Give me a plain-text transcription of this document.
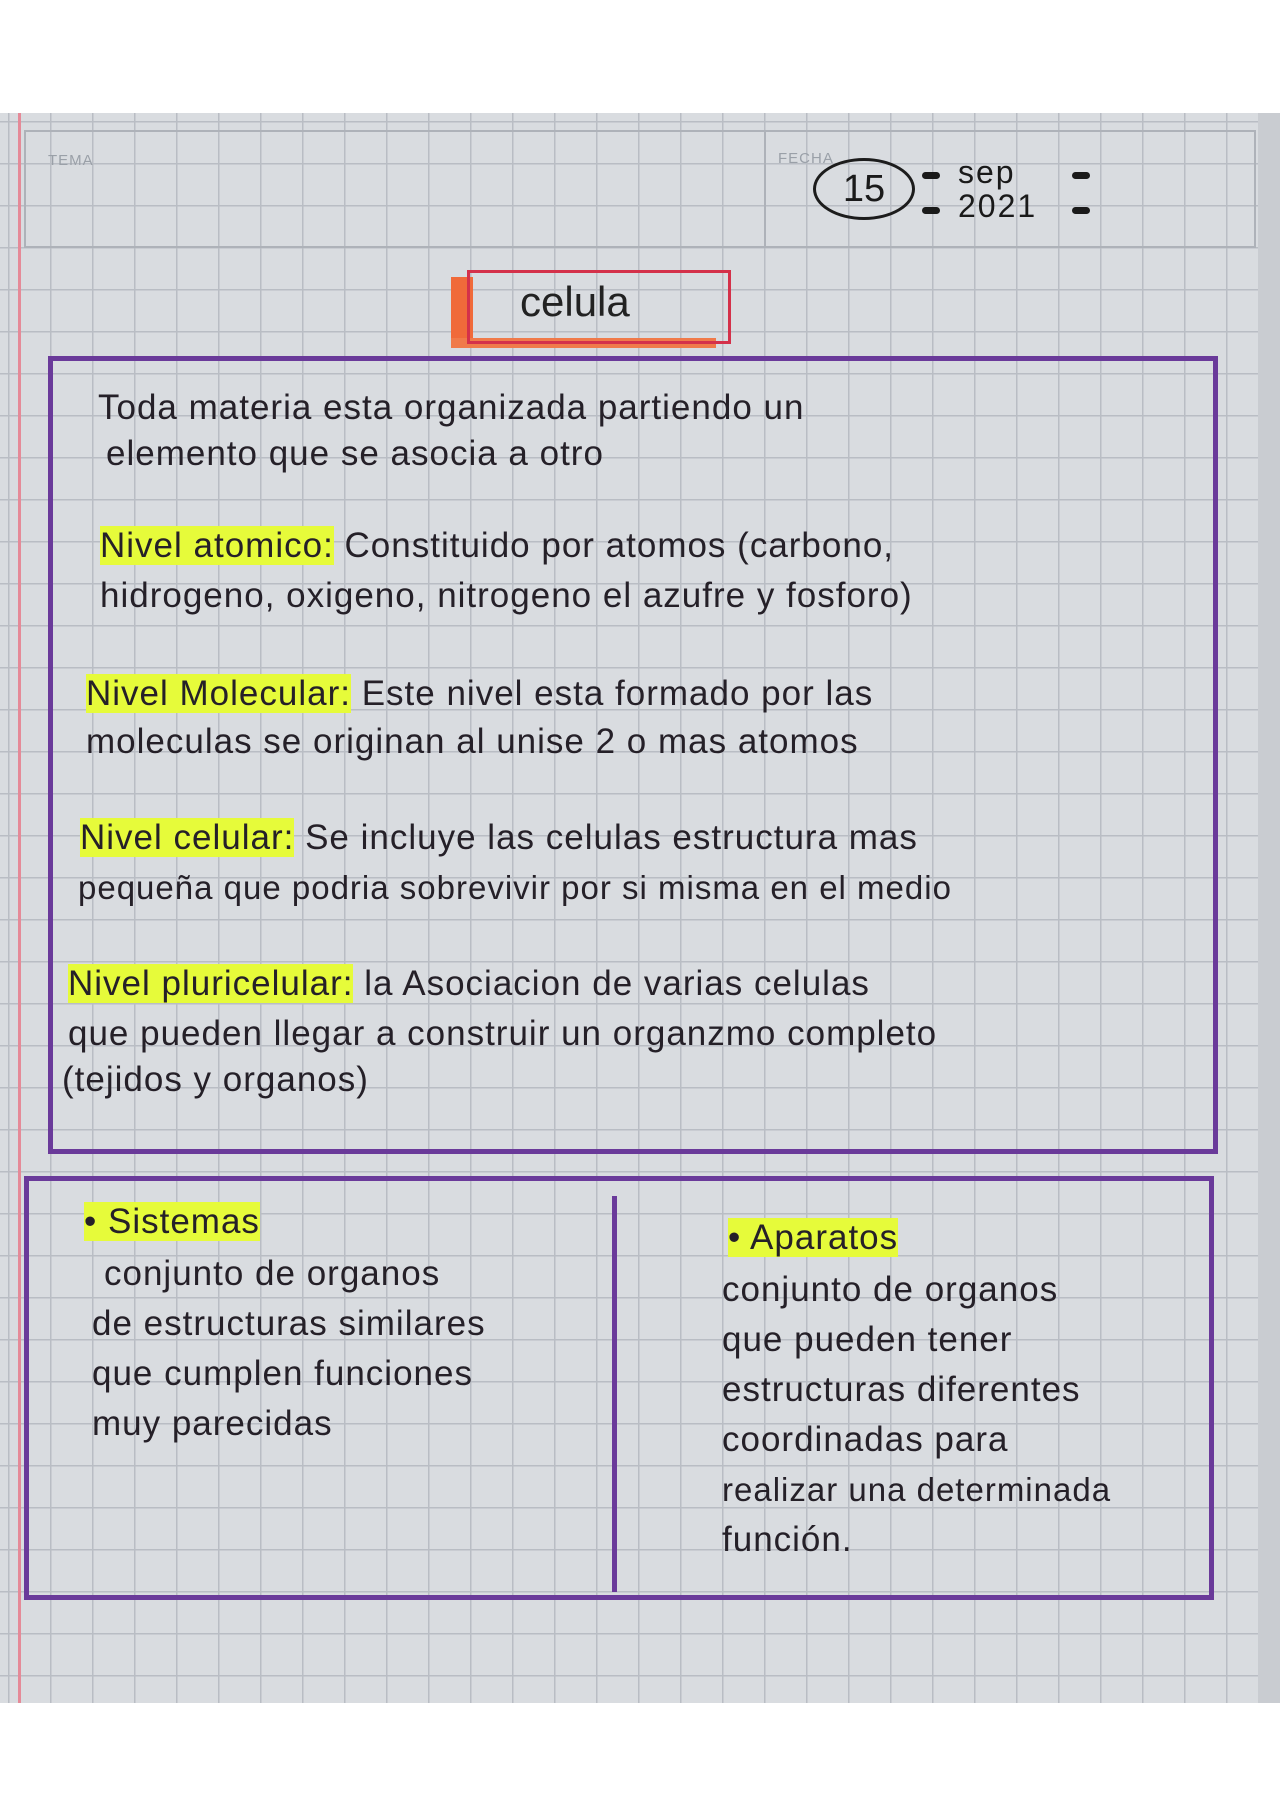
TEMA	FECHA
15	sep
2021
celula
Toda materia esta organizada partiendo un
elemento que se asocia a otro
Nivel atomico: Constituido por atomos (carbono,
hidrogeno, oxigeno, nitrogeno el azufre y fosforo)
Nivel Molecular: Este nivel esta formado por las
moleculas se originan al unise 2 o mas atomos
Nivel celular: Se incluye las celulas estructura mas
pequeña que podria sobrevivir por si misma en el medio
Nivel pluricelular: la Asociacion de varias celulas
que pueden llegar a construir un organzmo completo
(tejidos y organos)
• Sistemas
conjunto de organos
de estructuras similares
que cumplen funciones
muy parecidas
• Aparatos
conjunto de organos
que pueden tener
estructuras diferentes
coordinadas para
realizar una determinada
función.
